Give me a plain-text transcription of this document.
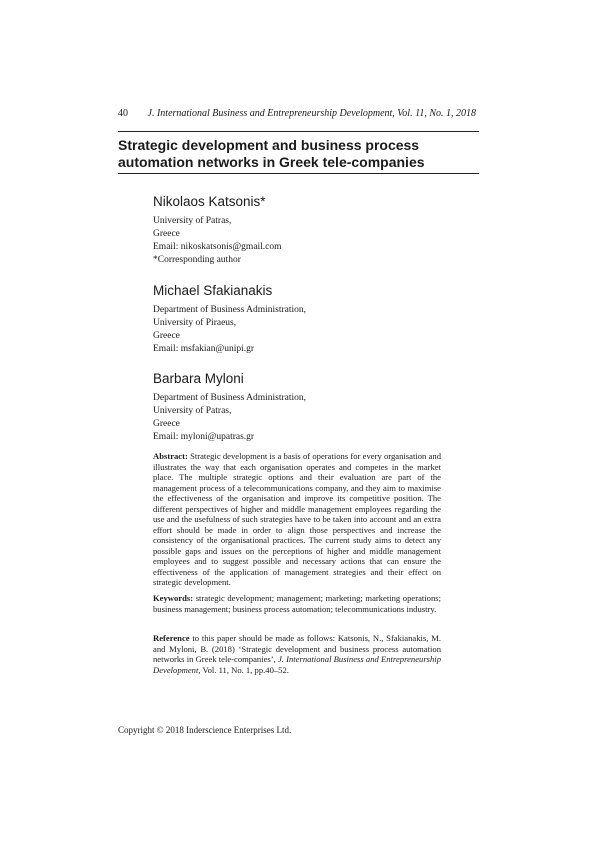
40 J. International Business and Entrepreneurship Development, Vol. 11, No. 1, 2018
Strategic development and business process automation networks in Greek tele-companies
Nikolaos Katsonis*
University of Patras,
Greece
Email: nikoskatsonis@gmail.com
*Corresponding author
Michael Sfakianakis
Department of Business Administration,
University of Piraeus,
Greece
Email: msfakian@unipi.gr
Barbara Myloni
Department of Business Administration,
University of Patras,
Greece
Email: myloni@upatras.gr

Abstract: Strategic development is a basis of operations for every organisation and illustrates the way that each organisation operates and competes in the market place. The multiple strategic options and their evaluation are part of the management process of a telecommunications company, and they aim to maximise the effectiveness of the organisation and improve its competitive position. The different perspectives of higher and middle management employees regarding the use and the usefulness of such strategies have to be taken into account and an extra effort should be made in order to align those perspectives and increase the consistency of the organisational practices. The current study aims to detect any possible gaps and issues on the perceptions of higher and middle management employees and to suggest possible and necessary actions that can ensure the effectiveness of the application of management strategies and their effect on strategic development.

Keywords: strategic development; management; marketing; marketing operations; business management; business process automation; telecommunications industry.

Reference to this paper should be made as follows: Katsonis, N., Sfakianakis, M. and Myloni, B. (2018) ‘Strategic development and business process automation networks in Greek tele-companies’, J. International Business and Entrepreneurship Development, Vol. 11, No. 1, pp.40–52.

Copyright © 2018 Inderscience Enterprises Ltd.
